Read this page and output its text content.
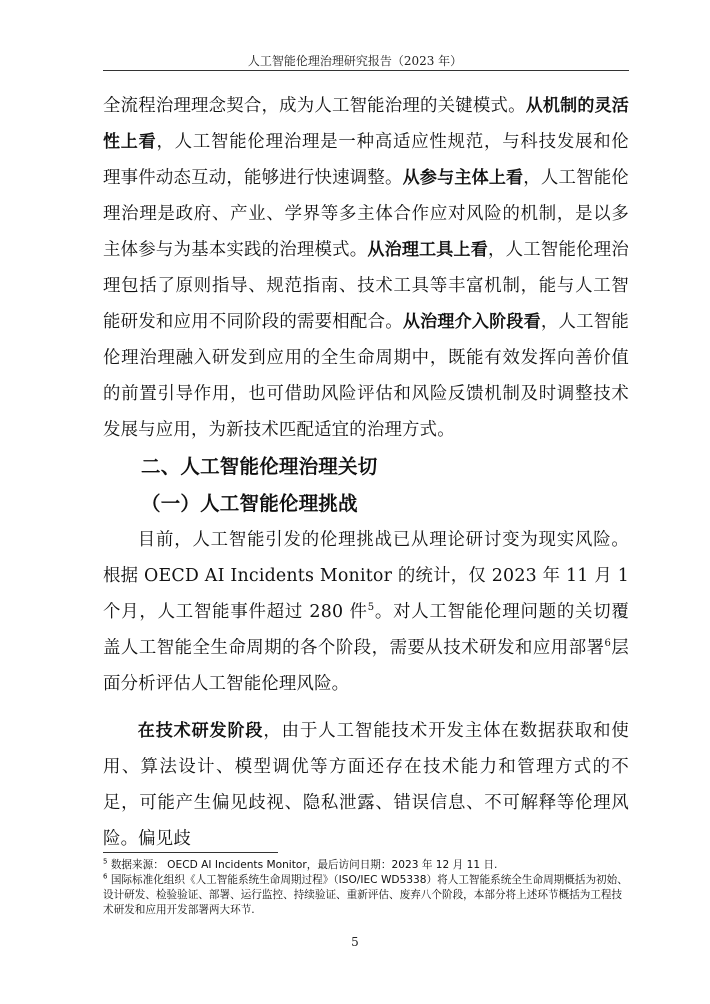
人工智能伦理治理研究报告（2023 年）

全流程治理理念契合，成为人工智能治理的关键模式。从机制的灵活性上看，人工智能伦理治理是一种高适应性规范，与科技发展和伦理事件动态互动，能够进行快速调整。从参与主体上看，人工智能伦理治理是政府、产业、学界等多主体合作应对风险的机制，是以多主体参与为基本实践的治理模式。从治理工具上看，人工智能伦理治理包括了原则指导、规范指南、技术工具等丰富机制，能与人工智能研发和应用不同阶段的需要相配合。从治理介入阶段看，人工智能伦理治理融入研发到应用的全生命周期中，既能有效发挥向善价值的前置引导作用，也可借助风险评估和风险反馈机制及时调整技术发展与应用，为新技术匹配适宜的治理方式。

二、人工智能伦理治理关切
（一）人工智能伦理挑战

目前，人工智能引发的伦理挑战已从理论研讨变为现实风险。根据 OECD AI Incidents Monitor 的统计，仅 2023 年 11 月 1 个月，人工智能事件超过 280 件$^5$。对人工智能伦理问题的关切覆盖人工智能全生命周期的各个阶段，需要从技术研发和应用部署$^6$层面分析评估人工智能伦理风险。

在技术研发阶段，由于人工智能技术开发主体在数据获取和使用、算法设计、模型调优等方面还存在技术能力和管理方式的不足，可能产生偏见歧视、隐私泄露、错误信息、不可解释等伦理风险。偏见歧

$^5$ 数据来源： OECD AI Incidents Monitor，最后访问日期：2023 年 12 月 11 日.

$^6$ 国际标准化组织《人工智能系统生命周期过程》（ISO/IEC WD5338）将人工智能系统全生命周期概括为初始、设计研发、检验验证、部署、运行监控、持续验证、重新评估、废弃八个阶段，本部分将上述环节概括为工程技术研发和应用开发部署两大环节.

5
